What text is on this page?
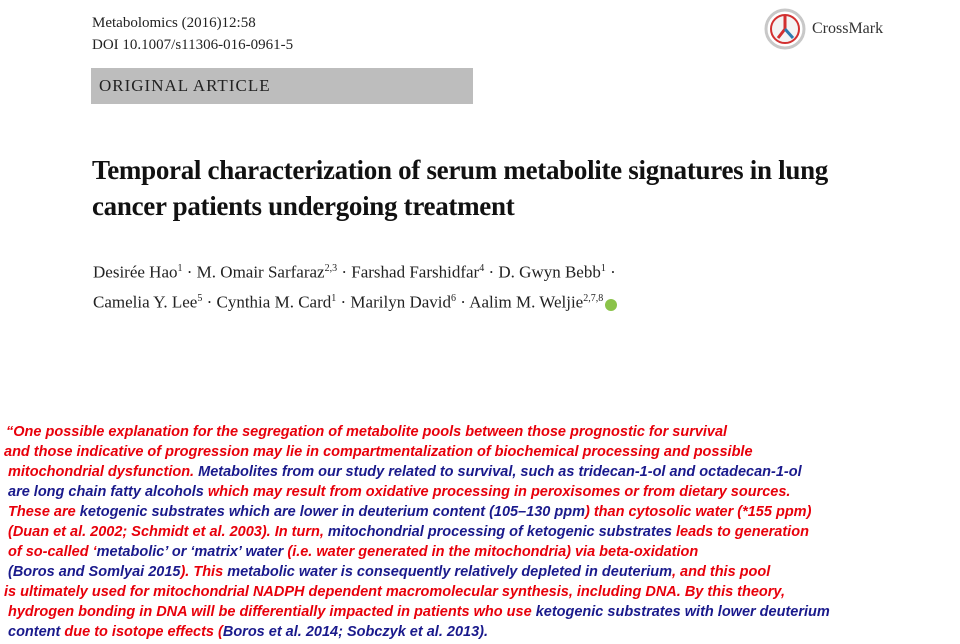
Metabolomics (2016)12:58
DOI 10.1007/s11306-016-0961-5
CrossMark
ORIGINAL ARTICLE
Temporal characterization of serum metabolite signatures in lung
cancer patients undergoing treatment
Desirée Hao$^1$ · M. Omair Sarfaraz$^{2,3}$ · Farshad Farshidfar$^4$ · D. Gwyn Bebb$^1$ ·
Camelia Y. Lee$^5$ · Cynthia M. Card$^1$ · Marilyn David$^6$ · Aalim M. Weljie$^{2,7,8}$
“One possible explanation for the segregation of metabolite pools between those prognostic for survival
and those indicative of progression may lie in compartmentalization of biochemical processing and possible
mitochondrial dysfunction. Metabolites from our study related to survival, such as tridecan-1-ol and octadecan-1-ol
are long chain fatty alcohols which may result from oxidative processing in peroxisomes or from dietary sources.
These are ketogenic substrates which are lower in deuterium content (105–130 ppm) than cytosolic water (*155 ppm)
(Duan et al. 2002; Schmidt et al. 2003). In turn, mitochondrial processing of ketogenic substrates leads to generation
of so-called ‘metabolic’ or ‘matrix’ water (i.e. water generated in the mitochondria) via beta-oxidation
(Boros and Somlyai 2015). This metabolic water is consequently relatively depleted in deuterium, and this pool
is ultimately used for mitochondrial NADPH dependent macromolecular synthesis, including DNA. By this theory,
hydrogen bonding in DNA will be differentially impacted in patients who use ketogenic substrates with lower deuterium
content due to isotope effects (Boros et al. 2014; Sobczyk et al. 2013).
